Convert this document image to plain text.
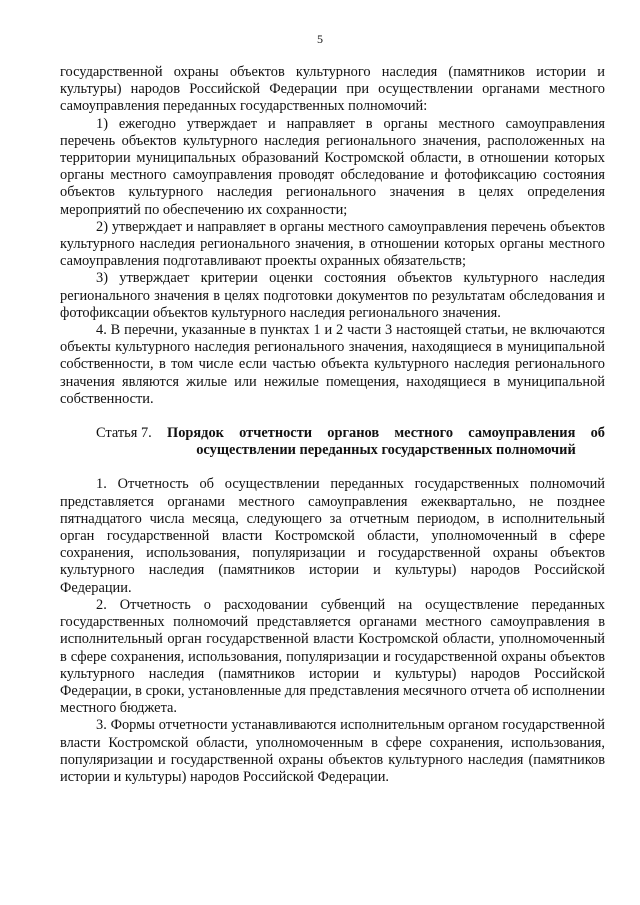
5

государственной охраны объектов культурного наследия (памятников истории и культуры) народов Российской Федерации при осуществлении органами местного самоуправления переданных государственных полномочий:

1) ежегодно утверждает и направляет в органы местного самоуправления перечень объектов культурного наследия регионального значения, расположенных на территории муниципальных образований Костромской области, в отношении которых органы местного самоуправления проводят обследование и фотофиксацию состояния объектов культурного наследия регионального значения в целях определения мероприятий по обеспечению их сохранности;

2) утверждает и направляет в органы местного самоуправления перечень объектов культурного наследия регионального значения, в отношении которых органы местного самоуправления подготавливают проекты охранных обязательств;

3) утверждает критерии оценки состояния объектов культурного наследия регионального значения в целях подготовки документов по результатам обследования и фотофиксации объектов культурного наследия регионального значения.

4. В перечни, указанные в пунктах 1 и 2 части 3 настоящей статьи, не включаются объекты культурного наследия регионального значения, находящиеся в муниципальной собственности, в том числе если частью объекта культурного наследия регионального значения являются жилые или нежилые помещения, находящиеся в муниципальной собственности.

Статья 7.	Порядок отчетности органов местного самоуправления об осуществлении переданных государственных полномочий

1. Отчетность об осуществлении переданных государственных полномочий представляется органами местного самоуправления ежеквартально, не позднее пятнадцатого числа месяца, следующего за отчетным периодом, в исполнительный орган государственной власти Костромской области, уполномоченный в сфере сохранения, использования, популяризации и государственной охраны объектов культурного наследия (памятников истории и культуры) народов Российской Федерации.

2. Отчетность о расходовании субвенций на осуществление переданных государственных полномочий представляется органами местного самоуправления в исполнительный орган государственной власти Костромской области, уполномоченный в сфере сохранения, использования, популяризации и государственной охраны объектов культурного наследия (памятников истории и культуры) народов Российской Федерации, в сроки, установленные для представления месячного отчета об исполнении местного бюджета.

3. Формы отчетности устанавливаются исполнительным органом государственной власти Костромской области, уполномоченным в сфере сохранения, использования, популяризации и государственной охраны объектов культурного наследия (памятников истории и культуры) народов Российской Федерации.
